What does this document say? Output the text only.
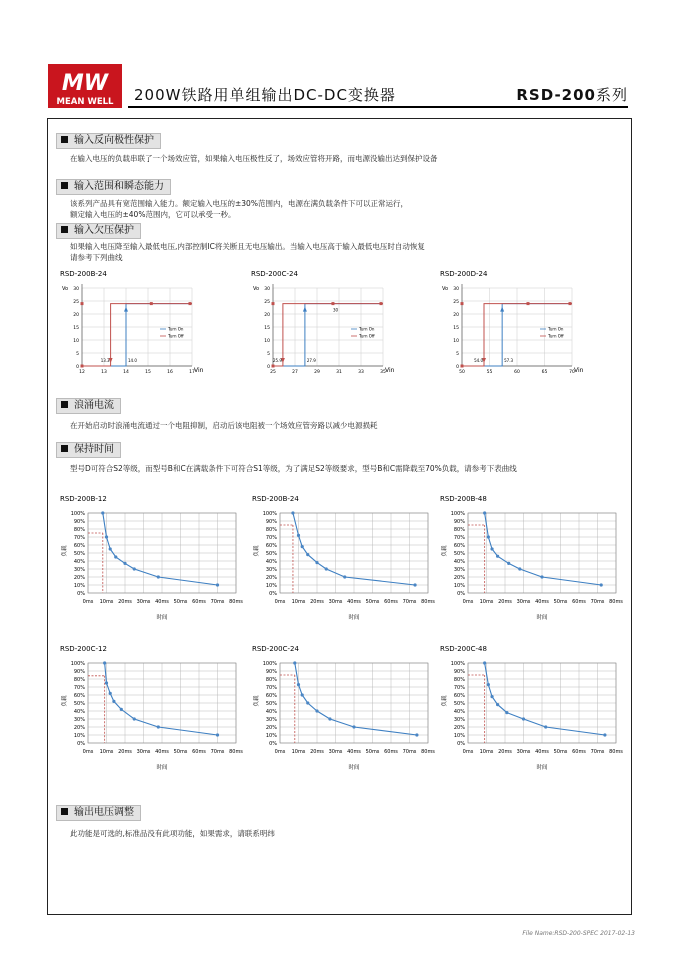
MW
MEAN WELL 200W铁路用单组输出DC-DC变换器	RSD-200系列
输入反向极性保护
在输入电压的负载串联了一个场效应管，如果输入电压极性反了，场效应管将开路，而电源没输出达到保护设备
输入范围和瞬态能力
该系列产品具有宽范围输入能力。额定输入电压的±30%范围内，电源在满负载条件下可以正常运行，
额定输入电压的±40%范围内，它可以承受一秒。
输入欠压保护
如果输入电压降至输入最低电压,内部控制IC将关断且无电压输出。当输入电压高于输入最低电压时自动恢复
请参考下列曲线
RSD-200B-24
Vo
Vin
0
5
10
15
20
25
30
12	13	14	15	16	17
13.3	14.0
Turn On
Turn Off
RSD-200C-24
Vo
Vin
0
5
10
15
20
25
30
25	27	29	31	33	35
25.9	27.9
30
Turn On
Turn Off
RSD-200D-24
Vo
Vin
0
5
10
15
20
25
30
50	55	60	65	70
54.0	57.3
Turn On
Turn Off
浪涌电流
在开始启动时浪涌电流通过一个电阻抑制，启动后该电阻被一个场效应管旁路以减少电源损耗
保持时间
型号D可符合S2等级，而型号B和C在满载条件下可符合S1等级，为了满足S2等级要求，型号B和C需降载至70%负载，请参考下表曲线
RSD-200B-12
0%
10%
20%
30%
40%
50%
60%
70%
80%
90%
100%
0ms 10ms 20ms 30ms 40ms 50ms 60ms 70ms 80ms
负载
时间
RSD-200B-24
0%
10%
20%
30%
40%
50%
60%
70%
80%
90%
100%
0ms 10ms 20ms 30ms 40ms 50ms 60ms 70ms 80ms
负载
时间
RSD-200B-48
0%
10%
20%
30%
40%
50%
60%
70%
80%
90%
100%
0ms 10ms 20ms 30ms 40ms 50ms 60ms 70ms 80ms
负载
时间
RSD-200C-12
0%
10%
20%
30%
40%
50%
60%
70%
80%
90%
100%
0ms 10ms 20ms 30ms 40ms 50ms 60ms 70ms 80ms
负载
时间
RSD-200C-24
0%
10%
20%
30%
40%
50%
60%
70%
80%
90%
100%
0ms 10ms 20ms 30ms 40ms 50ms 60ms 70ms 80ms
负载
时间
RSD-200C-48
0%
10%
20%
30%
40%
50%
60%
70%
80%
90%
100%
0ms 10ms 20ms 30ms 40ms 50ms 60ms 70ms 80ms
负载
时间
输出电压调整
此功能是可选的,标准品没有此项功能，如果需求，请联系明纬
File Name:RSD-200-SPEC 2017-02-13
